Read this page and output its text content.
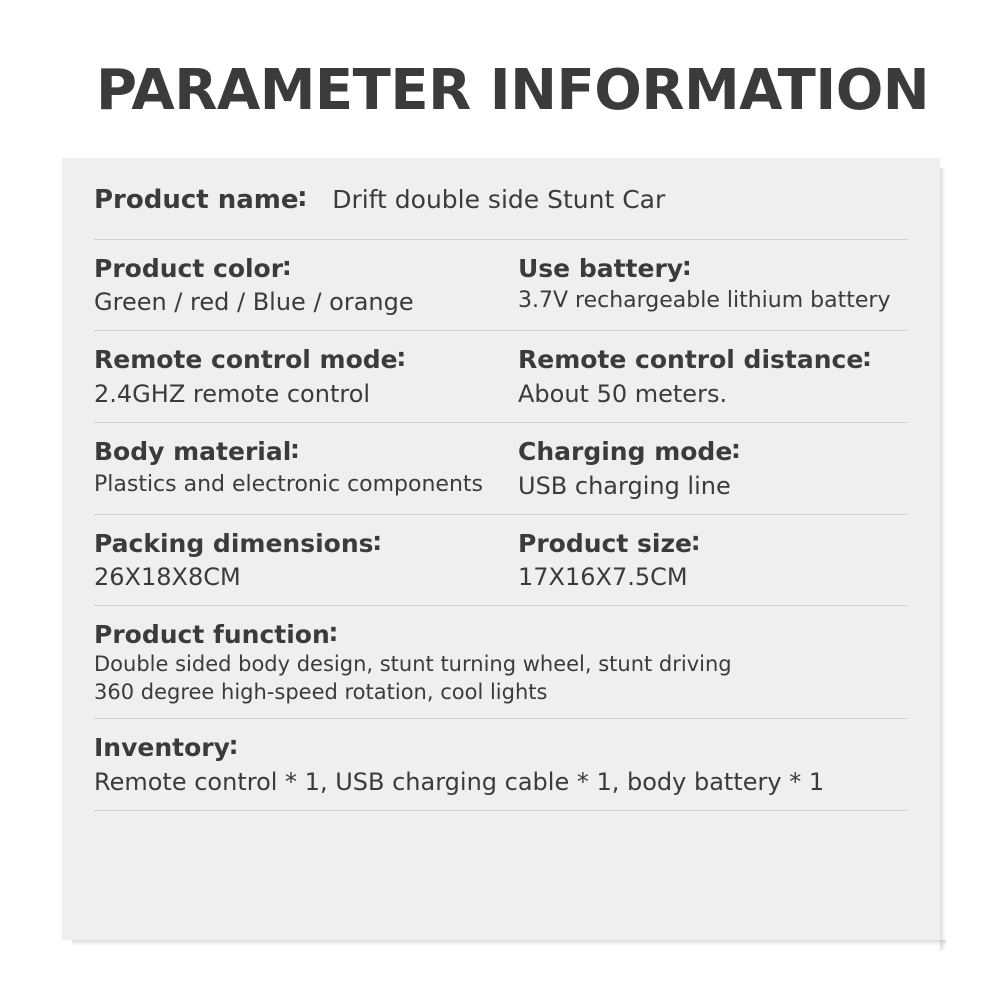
PARAMETER INFORMATION
Product name∶ Drift double side Stunt Car
Product color∶
Green / red / Blue / orange
Use battery∶
3.7V rechargeable lithium battery
Remote control mode∶
2.4GHZ remote control
Remote control distance∶
About 50 meters.
Body material∶
Plastics and electronic components
Charging mode∶
USB charging line
Packing dimensions∶
26X18X8CM
Product size∶
17X16X7.5CM
Product function∶
Double sided body design, stunt turning wheel, stunt driving
360 degree high-speed rotation, cool lights
Inventory∶
Remote control * 1, USB charging cable * 1, body battery * 1
